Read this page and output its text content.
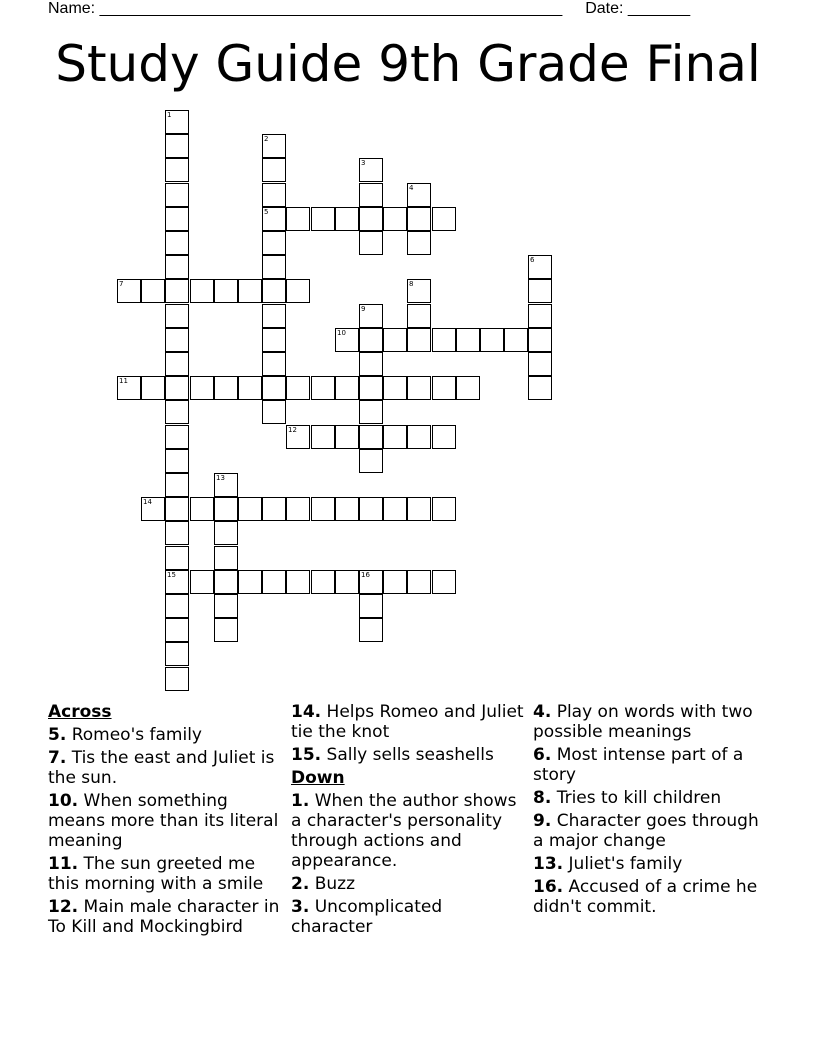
Name: ____________________________________________________ Date: _______
Study Guide 9th Grade Final
1
15
2
5
3
4
6
7	8
9
10
11
12
13
14
16
Across
5. Romeo's family
7. Tis the east and Juliet is the sun.
10. When something means more than its literal meaning
11. The sun greeted me this morning with a smile
12. Main male character in To Kill and Mockingbird
14. Helps Romeo and Juliet tie the knot
15. Sally sells seashells
Down
1. When the author shows a character's personality through actions and appearance.
2. Buzz
3. Uncomplicated character
4. Play on words with two possible meanings
6. Most intense part of a story
8. Tries to kill children
9. Character goes through a major change
13. Juliet's family
16. Accused of a crime he didn't commit.
